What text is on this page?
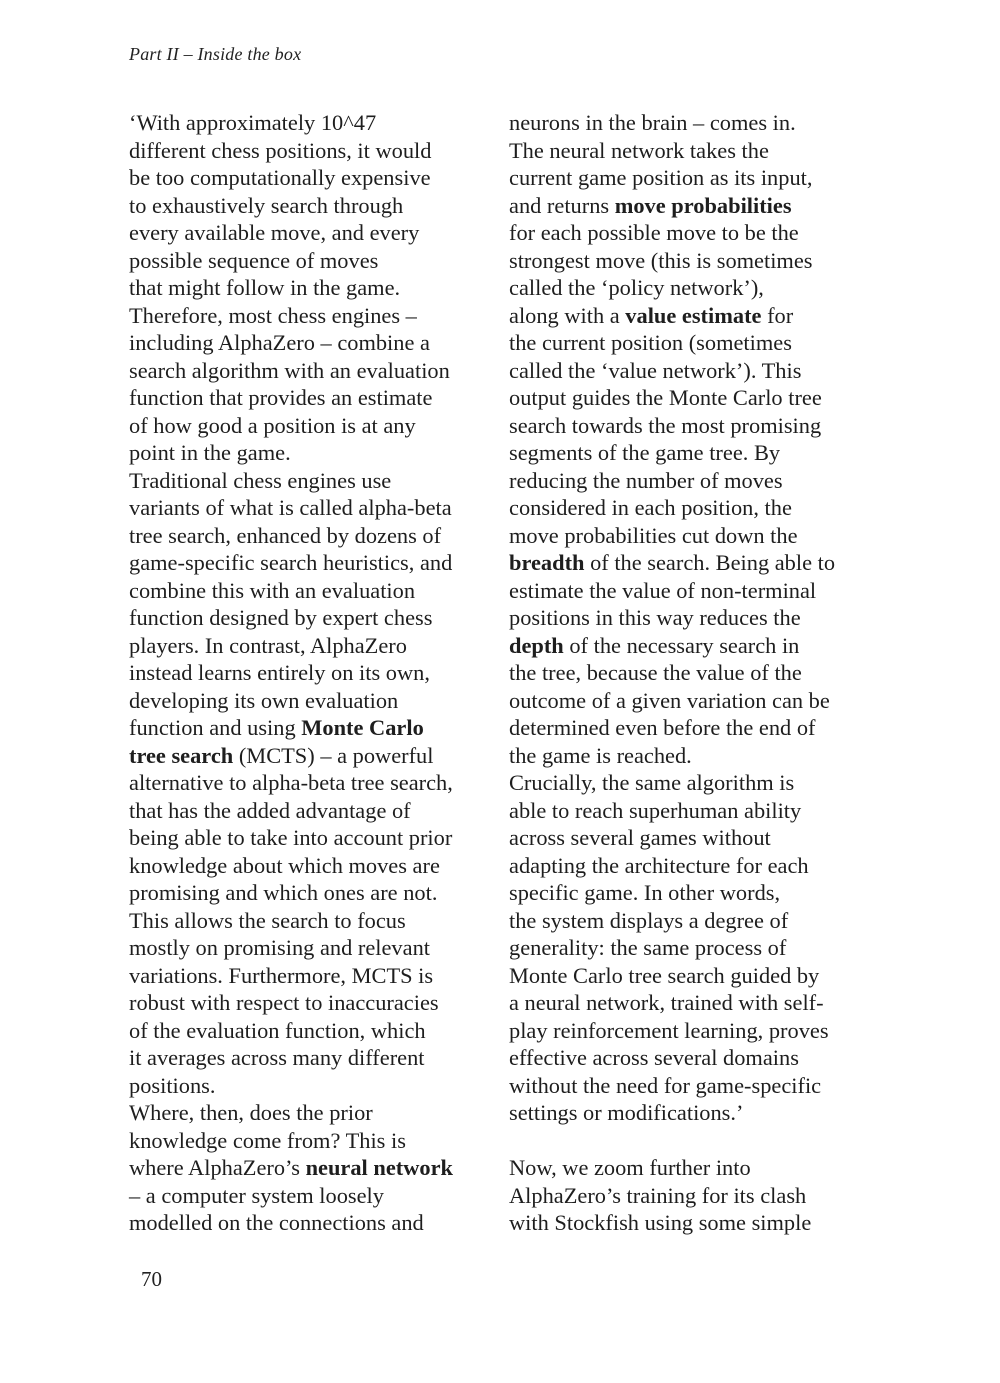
Part II – Inside the box
‘With approximately 10^47
different chess positions, it would
be too computationally expensive
to exhaustively search through
every available move, and every
possible sequence of moves
that might follow in the game.
Therefore, most chess engines –
including AlphaZero – combine a
search algorithm with an evaluation
function that provides an estimate
of how good a position is at any
point in the game.
Traditional chess engines use
variants of what is called alpha-beta
tree search, enhanced by dozens of
game-specific search heuristics, and
combine this with an evaluation
function designed by expert chess
players. In contrast, AlphaZero
instead learns entirely on its own,
developing its own evaluation
function and using Monte Carlo
tree search (MCTS) – a powerful
alternative to alpha-beta tree search,
that has the added advantage of
being able to take into account prior
knowledge about which moves are
promising and which ones are not.
This allows the search to focus
mostly on promising and relevant
variations. Furthermore, MCTS is
robust with respect to inaccuracies
of the evaluation function, which
it averages across many different
positions.
Where, then, does the prior
knowledge come from? This is
where AlphaZero’s neural network
– a computer system loosely
modelled on the connections and
neurons in the brain – comes in.
The neural network takes the
current game position as its input,
and returns move probabilities
for each possible move to be the
strongest move (this is sometimes
called the ‘policy network’),
along with a value estimate for
the current position (sometimes
called the ‘value network’). This
output guides the Monte Carlo tree
search towards the most promising
segments of the game tree. By
reducing the number of moves
considered in each position, the
move probabilities cut down the
breadth of the search. Being able to
estimate the value of non-terminal
positions in this way reduces the
depth of the necessary search in
the tree, because the value of the
outcome of a given variation can be
determined even before the end of
the game is reached.
Crucially, the same algorithm is
able to reach superhuman ability
across several games without
adapting the architecture for each
specific game. In other words,
the system displays a degree of
generality: the same process of
Monte Carlo tree search guided by
a neural network, trained with self-
play reinforcement learning, proves
effective across several domains
without the need for game-specific
settings or modifications.’
Now, we zoom further into
AlphaZero’s training for its clash
with Stockfish using some simple
70
